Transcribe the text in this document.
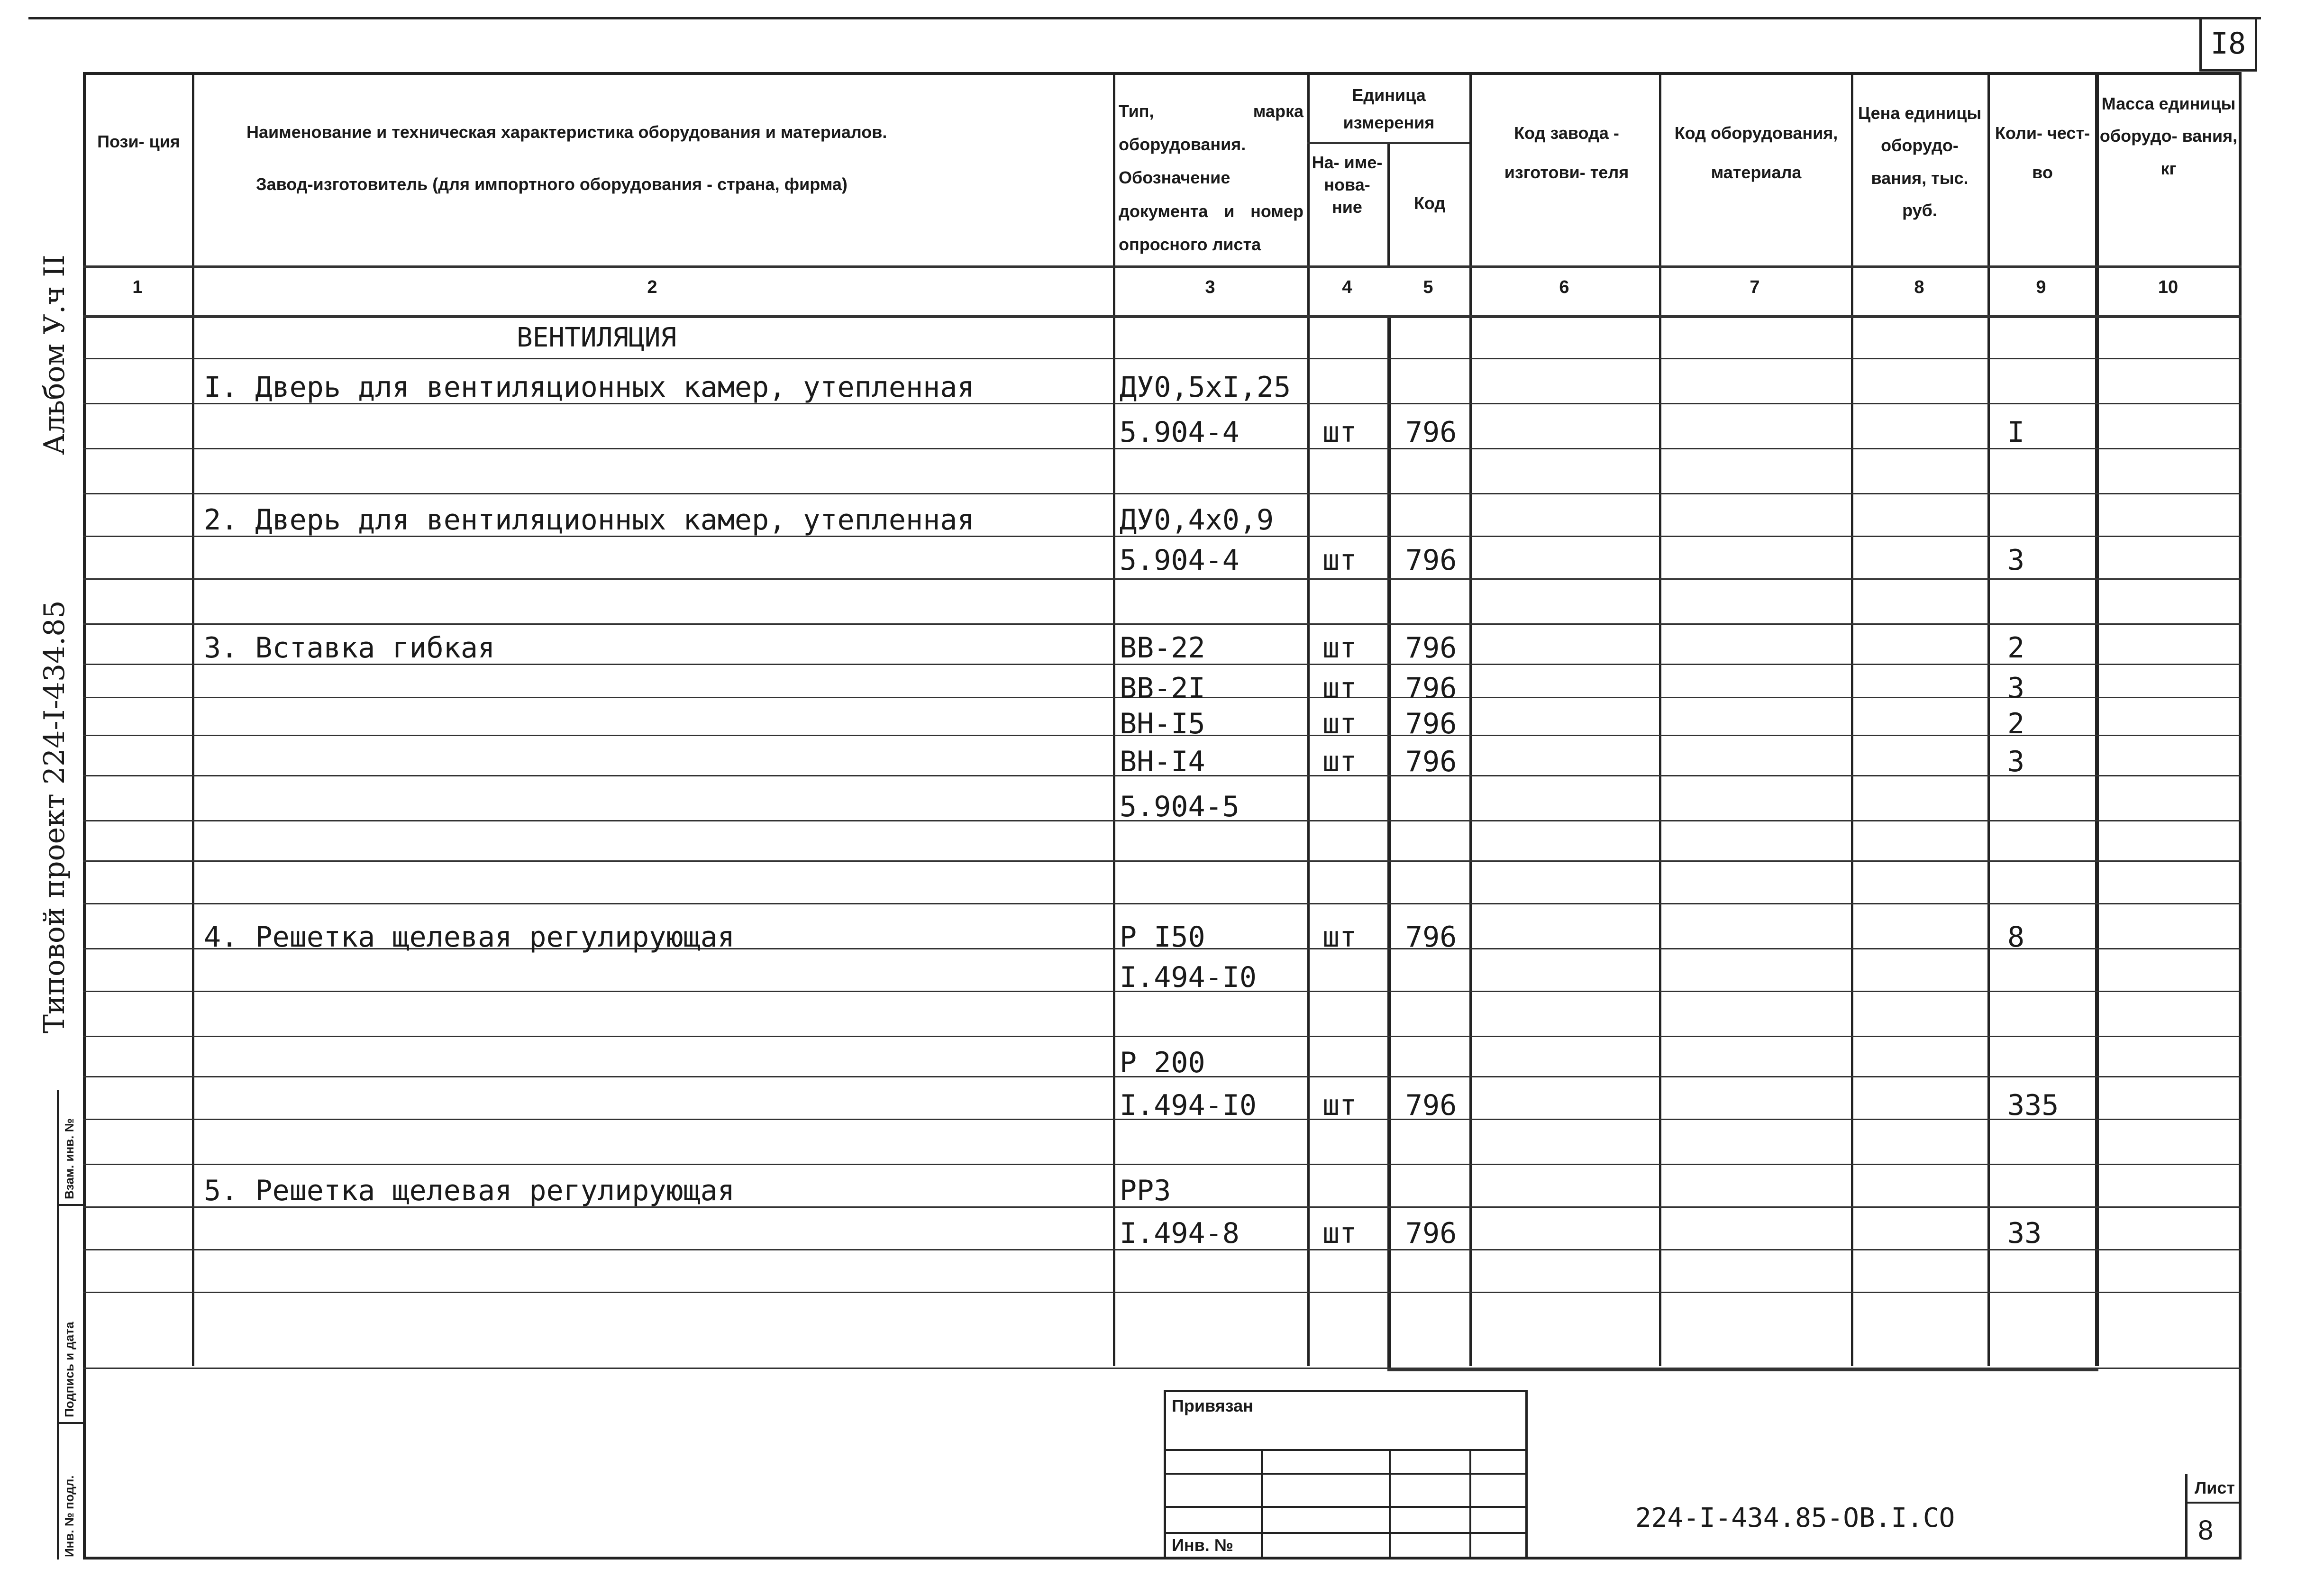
I8
Альбом У.ч II
Типовой проект 224-I-434.85
Взам. инв. №
Подпись и дата
Инв. № подл.
Пози- ция	Наименование и техническая характеристика оборудования и материалов.
Завод-изготовитель (для импортного оборудования - страна, фирма)
Тип, марка оборудования. Обозначение документа и номер опросного листа
Единица измерения
На- име- нова- ние	Код
Код завода - изготови- теля
Код оборудования, материала
Цена единицы оборудо- вания, тыс. руб.
Коли- чест- во
Масса единицы оборудо- вания, кг
1	2	3	4	5	6	7	8	9	10
ВЕНТИЛЯЦИЯ
I. Дверь для вентиляционных камер, утепленная	ДУ0,5xI,25
5.904-4	шт 796	I
2. Дверь для вентиляционных камер, утепленная	ДУ0,4x0,9
5.904-4	шт 796	3
3. Вставка гибкая	ВВ-22	шт 796	2
ВВ-2I	шт 796	3
ВН-I5	шт 796	2
ВН-I4	шт 796	3
5.904-5
4. Решетка щелевая регулирующая	Р I50	шт 796	8
I.494-I0
Р 200
I.494-I0 шт 796	335
5. Решетка щелевая регулирующая	РРЗ
I.494-8	шт 796	33
Привязан
Инв. №
224-I-434.85-ОВ.I.СО
Лист
8
